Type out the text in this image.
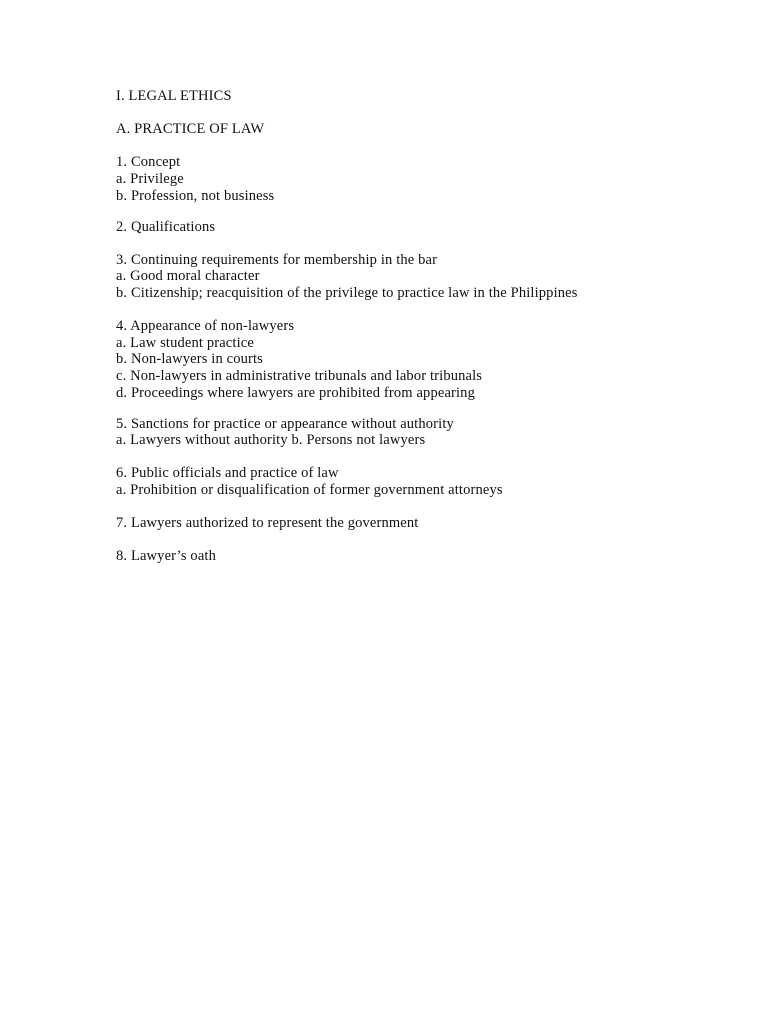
I. LEGAL ETHICS
A. PRACTICE OF LAW
1. Concept
a. Privilege
b. Profession, not business
2. Qualifications
3. Continuing requirements for membership in the bar
a. Good moral character
b. Citizenship; reacquisition of the privilege to practice law in the Philippines
4. Appearance of non-lawyers
a. Law student practice
b. Non-lawyers in courts
c. Non-lawyers in administrative tribunals and labor tribunals
d. Proceedings where lawyers are prohibited from appearing
5. Sanctions for practice or appearance without authority
a. Lawyers without authority b. Persons not lawyers
6. Public officials and practice of law
a. Prohibition or disqualification of former government attorneys
7. Lawyers authorized to represent the government
8. Lawyer’s oath
